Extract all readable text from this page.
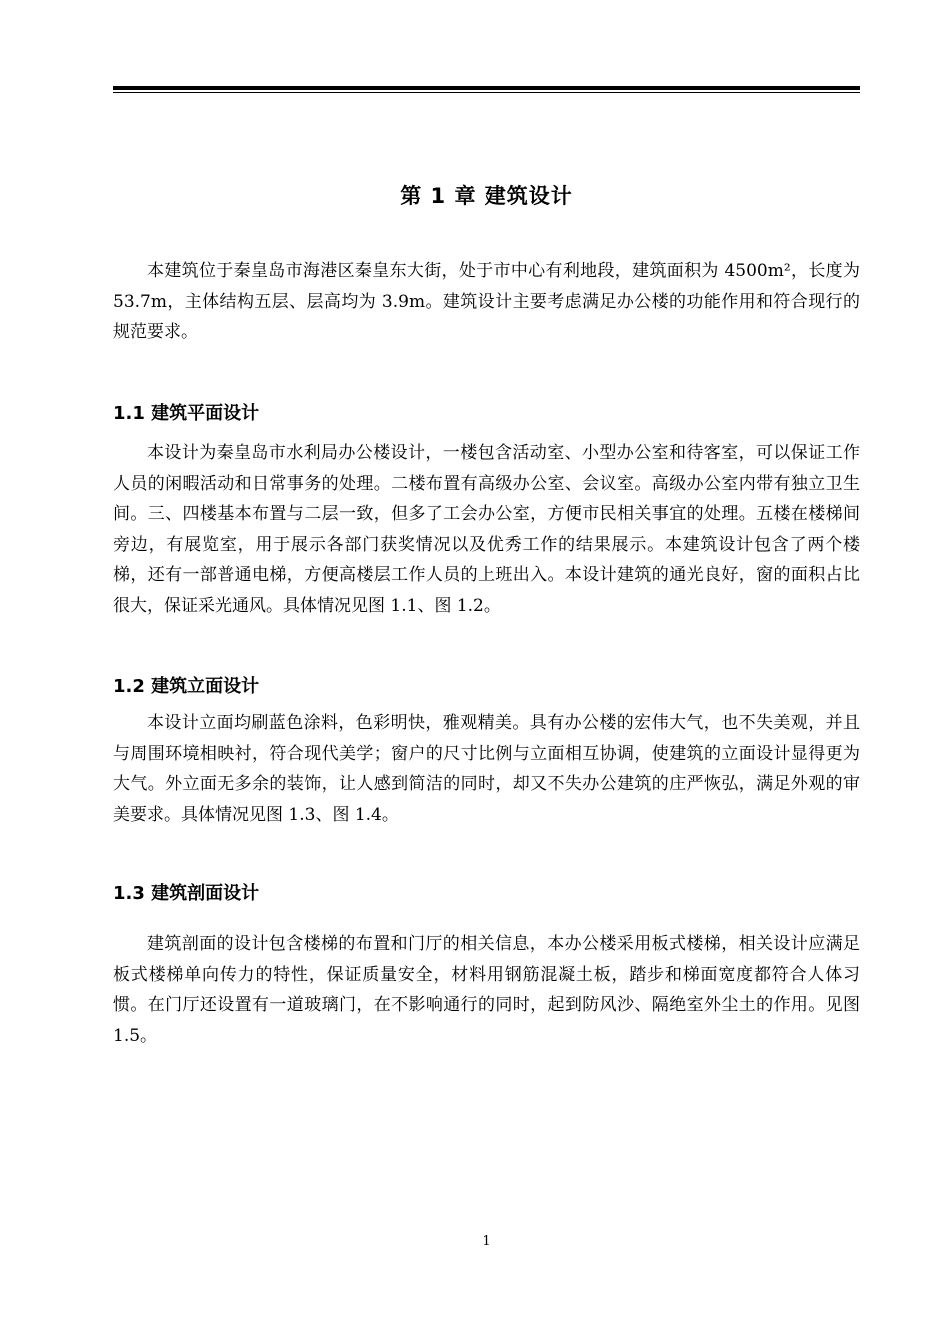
第 1 章 建筑设计

本建筑位于秦皇岛市海港区秦皇东大街，处于市中心有利地段，建筑面积为 4500m²，长度为 53.7m，主体结构五层、层高均为 3.9m。建筑设计主要考虑满足办公楼的功能作用和符合现行的规范要求。

1.1 建筑平面设计

本设计为秦皇岛市水利局办公楼设计，一楼包含活动室、小型办公室和待客室，可以保证工作人员的闲暇活动和日常事务的处理。二楼布置有高级办公室、会议室。高级办公室内带有独立卫生间。三、四楼基本布置与二层一致，但多了工会办公室，方便市民相关事宜的处理。五楼在楼梯间旁边，有展览室，用于展示各部门获奖情况以及优秀工作的结果展示。本建筑设计包含了两个楼梯，还有一部普通电梯，方便高楼层工作人员的上班出入。本设计建筑的通光良好，窗的面积占比很大，保证采光通风。具体情况见图 1.1、图 1.2。

1.2 建筑立面设计

本设计立面均刷蓝色涂料，色彩明快，雅观精美。具有办公楼的宏伟大气，也不失美观，并且与周围环境相映衬，符合现代美学；窗户的尺寸比例与立面相互协调，使建筑的立面设计显得更为大气。外立面无多余的装饰，让人感到简洁的同时，却又不失办公建筑的庄严恢弘，满足外观的审美要求。具体情况见图 1.3、图 1.4。

1.3 建筑剖面设计

建筑剖面的设计包含楼梯的布置和门厅的相关信息，本办公楼采用板式楼梯，相关设计应满足板式楼梯单向传力的特性，保证质量安全，材料用钢筋混凝土板，踏步和梯面宽度都符合人体习惯。在门厅还设置有一道玻璃门，在不影响通行的同时，起到防风沙、隔绝室外尘土的作用。见图 1.5。

1
